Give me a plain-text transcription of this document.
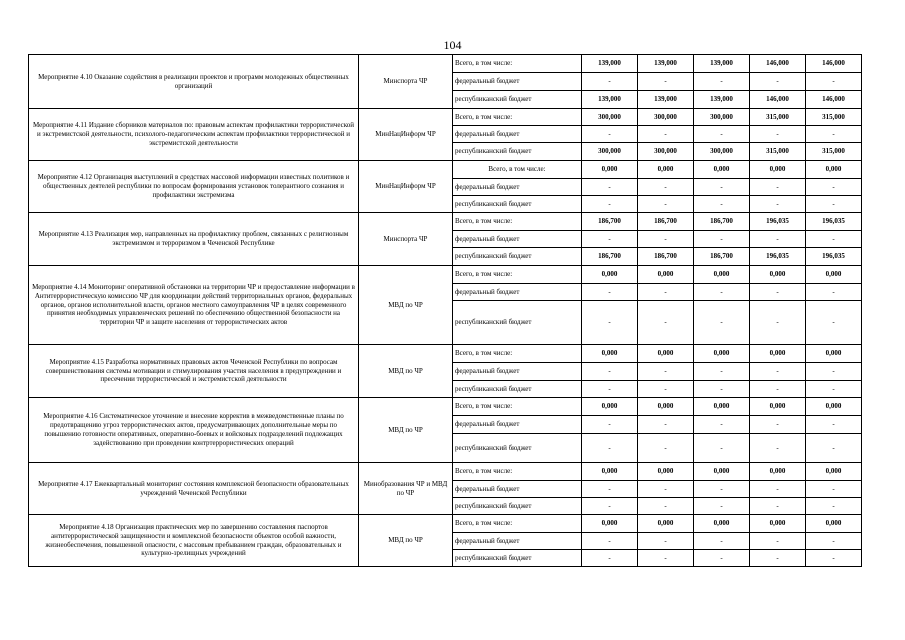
104
Мероприятие 4.10 Оказание содействия в реализации проектов и программ молодежных общественных организаций	Минспорта ЧР	Всего, в том числе:	139,000	139,000	139,000	146,000	146,000
		федеральный бюджет	-	-	-	-	-
		республиканский бюджет	139,000	139,000	139,000	146,000	146,000
Мероприятие 4.11 Издание сборников материалов по: правовым аспектам профилактики террористической и экстремистской деятельности, психолого-педагогическим аспектам профилактики террористической и экстремистской деятельности	МинНацИнформ ЧР	Всего, в том числе:	300,000	300,000	300,000	315,000	315,000
		федеральный бюджет	-	-	-	-	-
		республиканский бюджет	300,000	300,000	300,000	315,000	315,000
Мероприятие 4.12 Организация выступлений в средствах массовой информации известных политиков и общественных деятелей республики по вопросам формирования установок толерантного сознания и профилактики экстремизма	МинНацИнформ ЧР	Всего, в том числе:	0,000	0,000	0,000	0,000	0,000
		федеральный бюджет	-	-	-	-	-
		республиканский бюджет	-	-	-	-	-
Мероприятие 4.13 Реализация мер, направленных на профилактику проблем, связанных с религиозным экстремизмом и терроризмом в Чеченской Республике	Минспорта ЧР	Всего, в том числе:	186,700	186,700	186,700	196,035	196,035
		федеральный бюджет	-	-	-	-	-
		республиканский бюджет	186,700	186,700	186,700	196,035	196,035
Мероприятие 4.14 Мониторинг оперативной обстановки на территории ЧР и предоставление информации в Антитеррористическую комиссию ЧР для координации действий территориальных органов, федеральных органов, органов исполнительной власти, органов местного самоуправления ЧР в целях современного принятия необходимых управленческих решений по обеспечению общественной безопасности на территории ЧР и защите населения от террористических актов	МВД по ЧР	Всего, в том числе:	0,000	0,000	0,000	0,000	0,000
		федеральный бюджет	-	-	-	-	-
		республиканский бюджет	-	-	-	-	-
Мероприятие 4.15 Разработка нормативных правовых актов Чеченской Республики по вопросам совершенствования системы мотивации и стимулирования участия населения в предупреждении и пресечении террористической и экстремистской деятельности	МВД по ЧР	Всего, в том числе:	0,000	0,000	0,000	0,000	0,000
		федеральный бюджет	-	-	-	-	-
		республиканский бюджет	-	-	-	-	-
Мероприятие 4.16 Систематическое уточнение и внесение корректив в межведомственные планы по предотвращению угроз террористических актов, предусматривающих дополнительные меры по повышению готовности оперативных, оперативно-боевых и войсковых подразделений подлежащих задействованию при проведении контртеррористических операций	МВД по ЧР	Всего, в том числе:	0,000	0,000	0,000	0,000	0,000
		федеральный бюджет	-	-	-	-	-
		республиканский бюджет	-	-	-	-	-
Мероприятие 4.17 Ежеквартальный мониторинг состояния комплексной безопасности образовательных учреждений Чеченской Республики	Минобразования ЧР и МВД по ЧР	Всего, в том числе:	0,000	0,000	0,000	0,000	0,000
		федеральный бюджет	-	-	-	-	-
		республиканский бюджет	-	-	-	-	-
Мероприятие 4.18 Организация практических мер по завершению составления паспортов антитеррористической защищенности и комплексной безопасности объектов особой важности, жизнеобеспечения, повышенной опасности, с массовым пребыванием граждан, образовательных и культурно-зрелищных учреждений	МВД по ЧР	Всего, в том числе:	0,000	0,000	0,000	0,000	0,000
		федеральный бюджет	-	-	-	-	-
		республиканский бюджет	-	-	-	-	-
